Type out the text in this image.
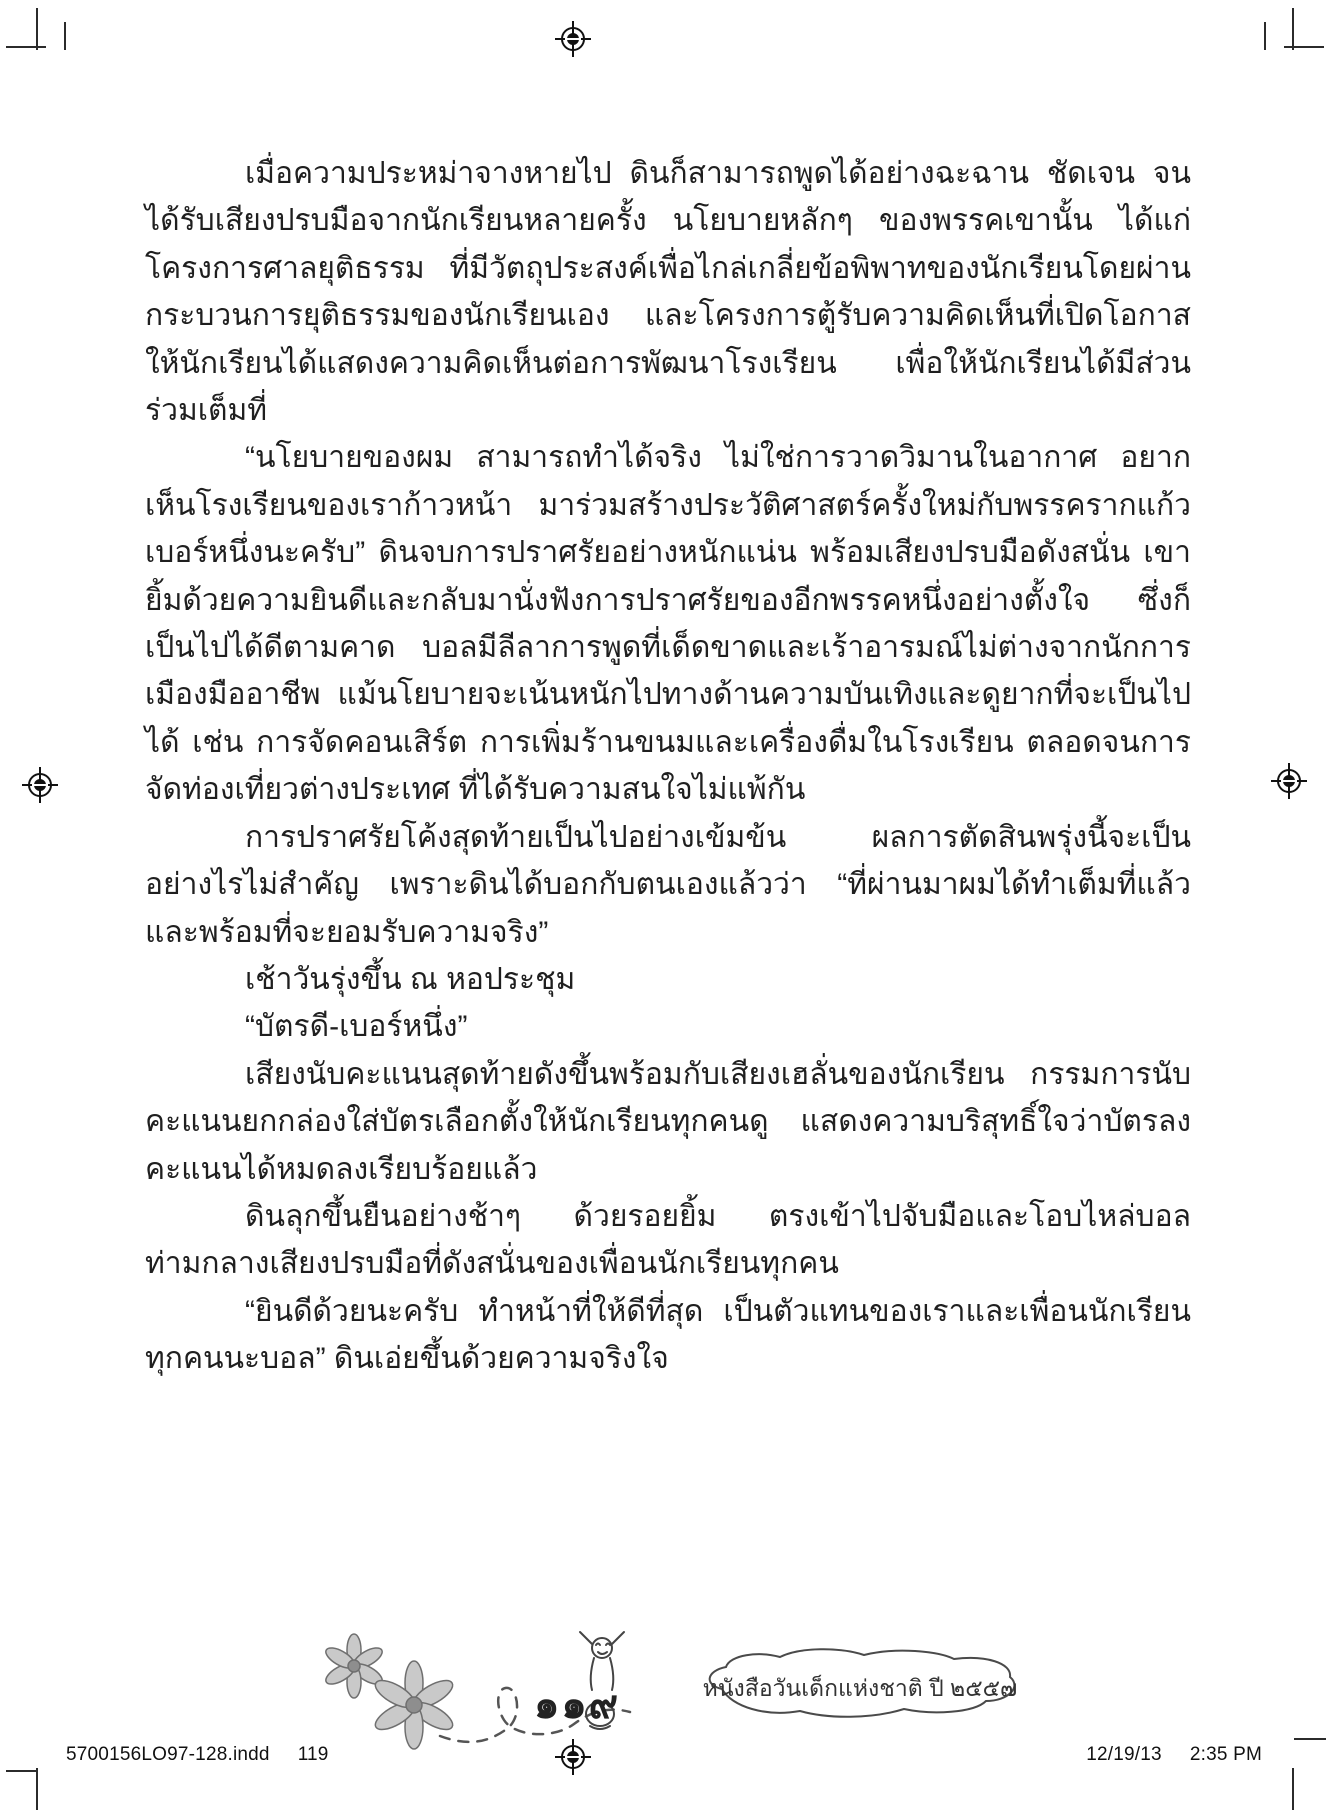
เมื่อความประหม่าจางหายไป ดินก็สามารถพูดได้อย่างฉะฉาน ชัดเจน จนได้รับเสียงปรบมือจากนักเรียนหลายครั้ง นโยบายหลักๆ ของพรรคเขานั้น ได้แก่ โครงการศาลยุติธรรม ที่มีวัตถุประสงค์เพื่อไกล่เกลี่ยข้อพิพาทของนักเรียนโดยผ่านกระบวนการยุติธรรมของนักเรียนเอง และโครงการตู้รับความคิดเห็นที่เปิดโอกาสให้นักเรียนได้แสดงความคิดเห็นต่อการพัฒนาโรงเรียน เพื่อให้นักเรียนได้มีส่วนร่วมเต็มที่

“นโยบายของผม สามารถทำได้จริง ไม่ใช่การวาดวิมานในอากาศ อยากเห็นโรงเรียนของเราก้าวหน้า มาร่วมสร้างประวัติศาสตร์ครั้งใหม่กับพรรครากแก้วเบอร์หนึ่งนะครับ” ดินจบการปราศรัยอย่างหนักแน่น พร้อมเสียงปรบมือดังสนั่น เขายิ้มด้วยความยินดีและกลับมานั่งฟังการปราศรัยของอีกพรรคหนึ่งอย่างตั้งใจ ซึ่งก็เป็นไปได้ดีตามคาด บอลมีลีลาการพูดที่เด็ดขาดและเร้าอารมณ์ไม่ต่างจากนักการเมืองมืออาชีพ แม้นโยบายจะเน้นหนักไปทางด้านความบันเทิงและดูยากที่จะเป็นไปได้ เช่น การจัดคอนเสิร์ต การเพิ่มร้านขนมและเครื่องดื่มในโรงเรียน ตลอดจนการจัดท่องเที่ยวต่างประเทศ ที่ได้รับความสนใจไม่แพ้กัน

การปราศรัยโค้งสุดท้ายเป็นไปอย่างเข้มข้น ผลการตัดสินพรุ่งนี้จะเป็นอย่างไรไม่สำคัญ เพราะดินได้บอกกับตนเองแล้วว่า “ที่ผ่านมาผมได้ทำเต็มที่แล้ว และพร้อมที่จะยอมรับความจริง”

เช้าวันรุ่งขึ้น ณ หอประชุม

“บัตรดี-เบอร์หนึ่ง”

เสียงนับคะแนนสุดท้ายดังขึ้นพร้อมกับเสียงเฮลั่นของนักเรียน กรรมการนับคะแนนยกกล่องใส่บัตรเลือกตั้งให้นักเรียนทุกคนดู แสดงความบริสุทธิ์ใจว่าบัตรลงคะแนนได้หมดลงเรียบร้อยแล้ว

ดินลุกขึ้นยืนอย่างช้าๆ ด้วยรอยยิ้ม ตรงเข้าไปจับมือและโอบไหล่บอลท่ามกลางเสียงปรบมือที่ดังสนั่นของเพื่อนนักเรียนทุกคน

“ยินดีด้วยนะครับ ทำหน้าที่ให้ดีที่สุด เป็นตัวแทนของเราและเพื่อนนักเรียนทุกคนนะบอล” ดินเอ่ยขึ้นด้วยความจริงใจ

๑๑๙	หนังสือวันเด็กแห่งชาติ ปี ๒๕๕๗
5700156LO97-128.indd 119	12/19/13 2:35 PM
